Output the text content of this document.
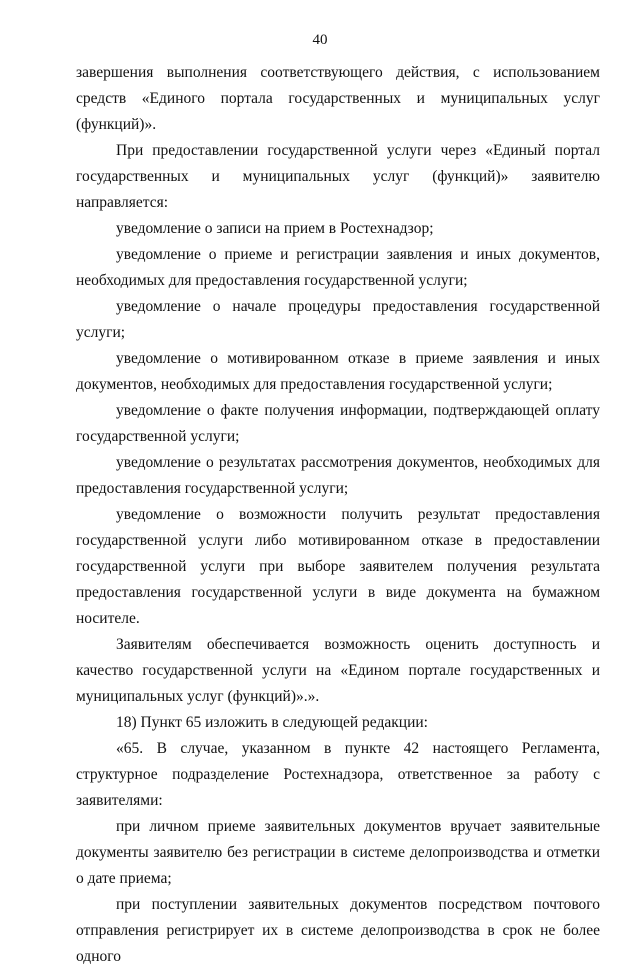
40

завершения выполнения соответствующего действия, с использованием средств «Единого портала государственных и муниципальных услуг (функций)».

При предоставлении государственной услуги через «Единый портал государственных и муниципальных услуг (функций)» заявителю направляется:

уведомление о записи на прием в Ростехнадзор;

уведомление о приеме и регистрации заявления и иных документов, необходимых для предоставления государственной услуги;

уведомление о начале процедуры предоставления государственной услуги;

уведомление о мотивированном отказе в приеме заявления и иных документов, необходимых для предоставления государственной услуги;

уведомление о факте получения информации, подтверждающей оплату государственной услуги;

уведомление о результатах рассмотрения документов, необходимых для предоставления государственной услуги;

уведомление о возможности получить результат предоставления государственной услуги либо мотивированном отказе в предоставлении государственной услуги при выборе заявителем получения результата предоставления государственной услуги в виде документа на бумажном носителе.

Заявителям обеспечивается возможность оценить доступность и качество государственной услуги на «Едином портале государственных и муниципальных услуг (функций)».».

18) Пункт 65 изложить в следующей редакции:

«65. В случае, указанном в пункте 42 настоящего Регламента, структурное подразделение Ростехнадзора, ответственное за работу с заявителями:

при личном приеме заявительных документов вручает заявительные документы заявителю без регистрации в системе делопроизводства и отметки о дате приема;

при поступлении заявительных документов посредством почтового отправления регистрирует их в системе делопроизводства в срок не более одного
